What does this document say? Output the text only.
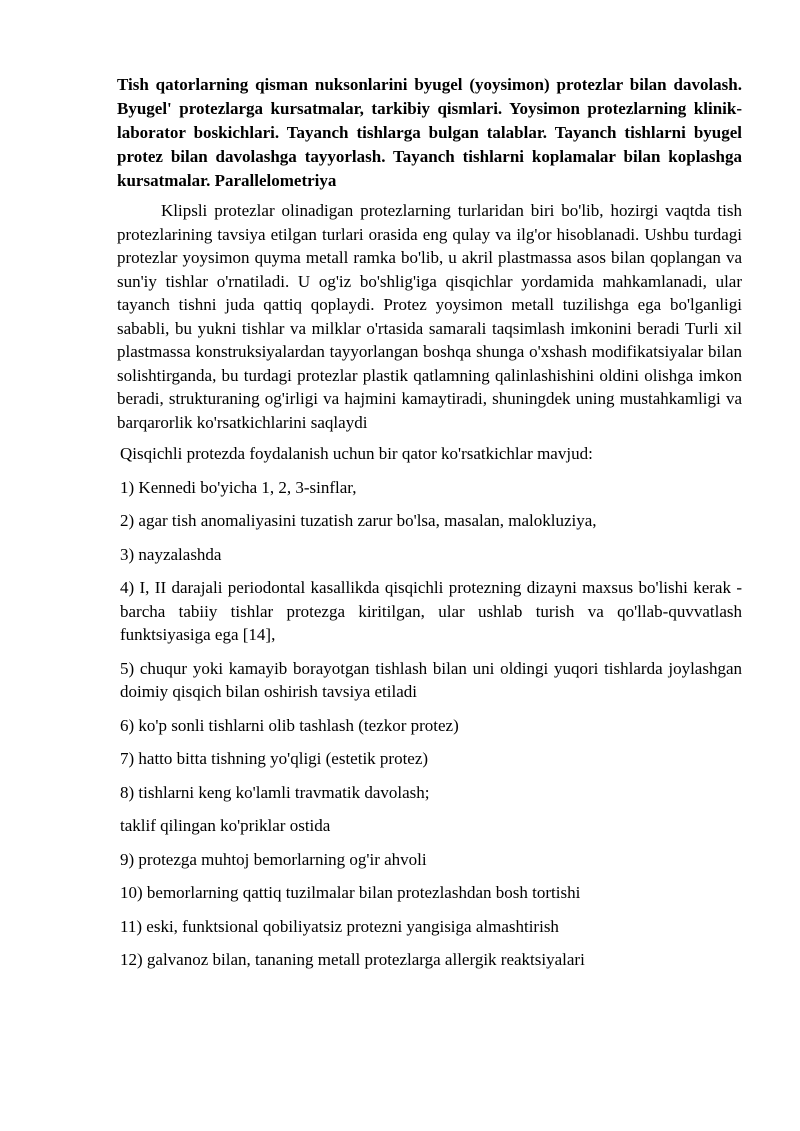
Tish qatorlarning qisman nuksonlarini byugel (yoysimon) protezlar bilan davolash. Byugel' protezlarga kursatmalar, tarkibiy qismlari. Yoysimon protezlarning klinik-laborator boskichlari. Tayanch tishlarga bulgan talablar. Tayanch tishlarni byugel protez bilan davolashga tayyorlash. Tayanch tishlarni koplamalar bilan koplashga kursatmalar. Parallelometriya

Klipsli protezlar olinadigan protezlarning turlaridan biri bo'lib, hozirgi vaqtda tish protezlarining tavsiya etilgan turlari orasida eng qulay va ilg'or hisoblanadi. Ushbu turdagi protezlar yoysimon quyma metall ramka bo'lib, u akril plastmassa asos bilan qoplangan va sun'iy tishlar o'rnatiladi. U og'iz bo'shlig'iga qisqichlar yordamida mahkamlanadi, ular tayanch tishni juda qattiq qoplaydi. Protez yoysimon metall tuzilishga ega bo'lganligi sababli, bu yukni tishlar va milklar o'rtasida samarali taqsimlash imkonini beradi Turli xil plastmassa konstruksiyalardan tayyorlangan boshqa shunga o'xshash modifikatsiyalar bilan solishtirganda, bu turdagi protezlar plastik qatlamning qalinlashishini oldini olishga imkon beradi, strukturaning og'irligi va hajmini kamaytiradi, shuningdek uning mustahkamligi va barqarorlik ko'rsatkichlarini saqlaydi

Qisqichli protezda foydalanish uchun bir qator ko'rsatkichlar mavjud:

1) Kennedi bo'yicha 1, 2, 3-sinflar,
2) agar tish anomaliyasini tuzatish zarur bo'lsa, masalan, malokluziya,
3) nayzalashda
4) I, II darajali periodontal kasallikda qisqichli protezning dizayni maxsus bo'lishi kerak - barcha tabiiy tishlar protezga kiritilgan, ular ushlab turish va qo'llab-quvvatlash funktsiyasiga ega [14],
5) chuqur yoki kamayib borayotgan tishlash bilan uni oldingi yuqori tishlarda joylashgan doimiy qisqich bilan oshirish tavsiya etiladi
6) ko'p sonli tishlarni olib tashlash (tezkor protez)
7) hatto bitta tishning yo'qligi (estetik protez)
8) tishlarni keng ko'lamli travmatik davolash;
taklif qilingan ko'priklar ostida
9) protezga muhtoj bemorlarning og'ir ahvoli
10) bemorlarning qattiq tuzilmalar bilan protezlashdan bosh tortishi
11) eski, funktsional qobiliyatsiz protezni yangisiga almashtirish
12) galvanoz bilan, tananing metall protezlarga allergik reaktsiyalari
